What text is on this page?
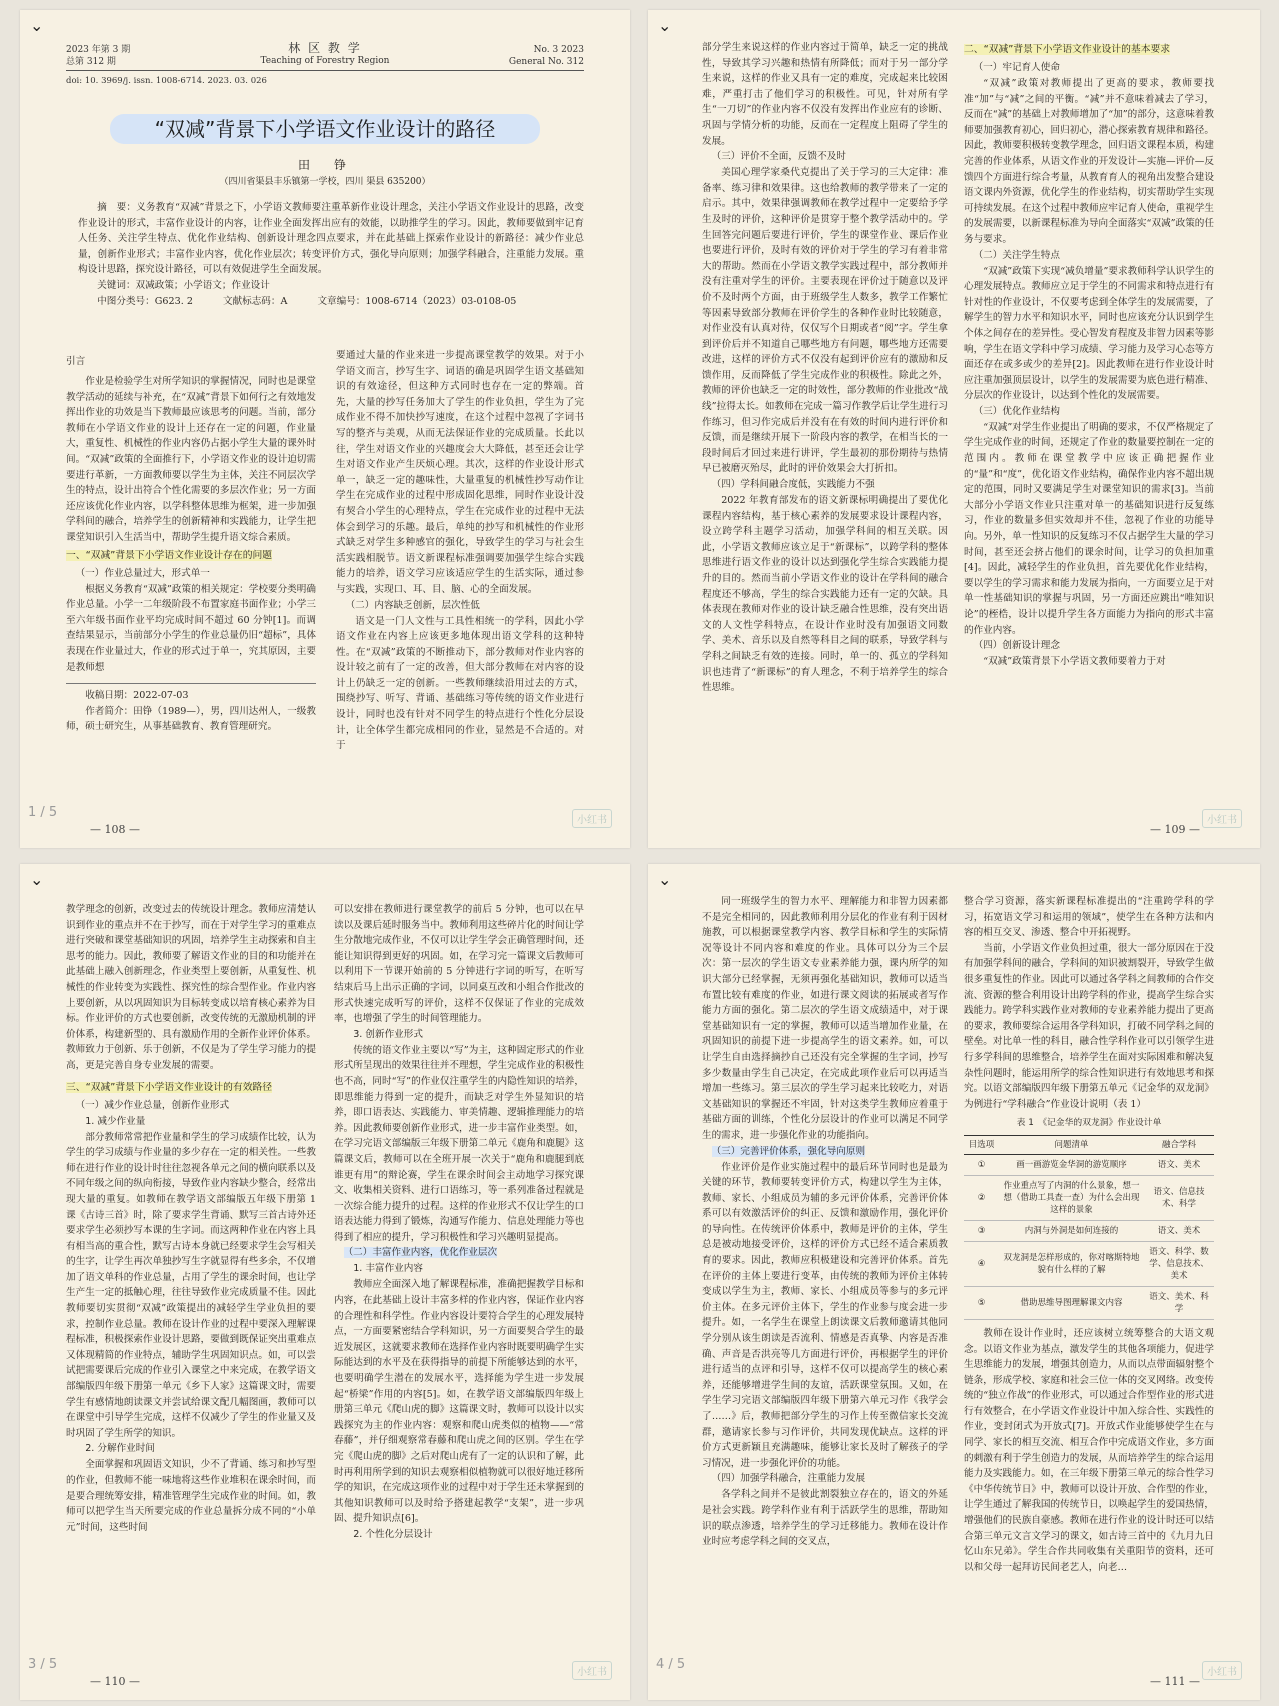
⌄
2023 年第 3 期
总第 312 期
林 区 教 学
Teaching of Forestry Region
No. 3 2023
General No. 312
doi: 10. 3969/j. issn. 1008-6714. 2023. 03. 026
“双减”背景下小学语文作业设计的路径
田　铮
（四川省渠县丰乐镇第一学校，四川 渠县 635200）

摘　要：义务教育“双减”背景之下，小学语文教师要注重革新作业设计理念，关注小学语文作业设计的思路，改变作业设计的形式，丰富作业设计的内容，让作业全面发挥出应有的效能，以助推学生的学习。因此，教师要做到牢记育人任务、关注学生特点、优化作业结构、创新设计理念四点要求，并在此基础上探索作业设计的新路径：减少作业总量，创新作业形式；丰富作业内容，优化作业层次；转变评价方式，强化导向原则；加强学科融合，注重能力发展。重构设计思路，探究设计路径，可以有效促进学生全面发展。

关键词：双减政策；小学语文；作业设计
中图分类号：G623. 2	文献标志码：A	文章编号：1008-6714（2023）03-0108-05
引言

作业是检验学生对所学知识的掌握情况，同时也是课堂教学活动的延续与补充，在“双减”背景下如何行之有效地发挥出作业的功效是当下教师最应该思考的问题。当前，部分教师在小学语文作业的设计上还存在一定的问题，作业量大，重复性、机械性的作业内容仍占据小学生大量的课外时间。“双减”政策的全面推行下，小学语文作业的设计迫切需要进行革新，一方面教师要以学生为主体，关注不同层次学生的特点，设计出符合个性化需要的多层次作业；另一方面还应该优化作业内容，以学科整体思维为框架，进一步加强学科间的融合，培养学生的创新精神和实践能力，让学生把课堂知识引入生活当中，帮助学生提升语文综合素质。

一、“双减”背景下小学语文作业设计存在的问题
（一）作业总量过大，形式单一

根据义务教育“双减”政策的相关规定：学校要分类明确作业总量。小学一二年级阶段不布置家庭书面作业；小学三至六年级书面作业平均完成时间不超过 60 分钟[1]。而调查结果显示，当前部分小学生的作业总量仍旧“超标”，具体表现在作业量过大，作业的形式过于单一，究其原因，主要是教师想

收稿日期：2022-07-03

作者简介：田铮（1989—），男，四川达州人，一级教师，硕士研究生，从事基础教育、教育管理研究。

要通过大量的作业来进一步提高课堂教学的效果。对于小学语文而言，抄写生字、词语的确是巩固学生语文基础知识的有效途径，但这种方式同时也存在一定的弊端。首先，大量的抄写任务加大了学生的作业负担，学生为了完成作业不得不加快抄写速度，在这个过程中忽视了字词书写的整齐与美观，从而无法保证作业的完成质量。长此以往，学生对语文作业的兴趣度会大大降低，甚至还会让学生对语文作业产生厌烦心理。其次，这样的作业设计形式单一，缺乏一定的趣味性，大量重复的机械性抄写动作让学生在完成作业的过程中形成固化思维，同时作业设计没有契合小学生的心理特点，学生在完成作业的过程中无法体会到学习的乐趣。最后，单纯的抄写和机械性的作业形式缺乏对学生多种感官的强化，导致学生的学习与社会生活实践相脱节。语文新课程标准强调要加强学生综合实践能力的培养，语文学习应该适应学生的生活实际，通过参与实践，实现口、耳、目、脑、心的全面发展。

（二）内容缺乏创新，层次性低

语文是一门人文性与工具性相统一的学科，因此小学语文作业在内容上应该更多地体现出语文学科的这种特性。在“双减”政策的不断推动下，部分教师对作业内容的设计较之前有了一定的改善，但大部分教师在对内容的设计上仍缺乏一定的创新。一些教师继续沿用过去的方式，围绕抄写、听写、背诵、基础练习等传统的语文作业进行设计，同时也没有针对不同学生的特点进行个性化分层设计，让全体学生都完成相同的作业，显然是不合适的。对于

1 / 5
— 108 —
小红书
⌄

部分学生来说这样的作业内容过于简单，缺乏一定的挑战性，导致其学习兴趣和热情有所降低；而对于另一部分学生来说，这样的作业又具有一定的难度，完成起来比较困难，严重打击了他们学习的积极性。可见，针对所有学生“一刀切”的作业内容不仅没有发挥出作业应有的诊断、巩固与学情分析的功能，反而在一定程度上阻碍了学生的发展。

（三）评价不全面，反馈不及时

美国心理学家桑代克提出了关于学习的三大定律：准备率、练习律和效果律。这也给教师的教学带来了一定的启示。其中，效果律强调教师在教学过程中一定要给予学生及时的评价，这种评价是贯穿于整个教学活动中的。学生回答完问题后要进行评价，学生的课堂作业、课后作业也要进行评价，及时有效的评价对于学生的学习有着非常大的帮助。然而在小学语文教学实践过程中，部分教师并没有注重对学生的评价。主要表现在评价过于随意以及评价不及时两个方面，由于班级学生人数多，教学工作繁忙等因素导致部分教师在评价学生的各种作业时比较随意，对作业没有认真对待，仅仅写个日期或者“阅”字。学生拿到评价后并不知道自己哪些地方有问题，哪些地方还需要改进，这样的评价方式不仅没有起到评价应有的激励和反馈作用，反而降低了学生完成作业的积极性。除此之外，教师的评价也缺乏一定的时效性，部分教师的作业批改“战线”拉得太长。如教师在完成一篇习作教学后让学生进行习作练习，但习作完成后并没有在有效的时间内进行评价和反馈，而是继续开展下一阶段内容的教学，在相当长的一段时间后才回过来进行讲评，学生最初的那份期待与热情早已被磨灭殆尽，此时的评价效果会大打折扣。

（四）学科间融合度低，实践能力不强

2022 年教育部发布的语文新课标明确提出了要优化课程内容结构，基于核心素养的发展要求设计课程内容，设立跨学科主题学习活动，加强学科间的相互关联。因此，小学语文教师应该立足于“新课标”，以跨学科的整体思维进行语文作业的设计以达到强化学生综合实践能力提升的目的。然而当前小学语文作业的设计在学科间的融合程度还不够高，学生的综合实践能力还有一定的欠缺。具体表现在教师对作业的设计缺乏融合性思维，没有突出语文的人文性学科特点，在设计作业时没有加强语文同数学、美术、音乐以及自然等科目之间的联系，导致学科与学科之间缺乏有效的连接。同时，单一的、孤立的学科知识也违背了“新课标”的育人理念，不利于培养学生的综合性思维。

二、“双减”背景下小学语文作业设计的基本要求
（一）牢记育人使命

“双减”政策对教师提出了更高的要求，教师要找准“加”与“减”之间的平衡。“减”并不意味着减去了学习，反而在“减”的基础上对教师增加了“加”的部分，这意味着教师要加强教育初心，回归初心，潜心探索教育规律和路径。因此，教师要积极转变教学理念，回归语文课程本质，构建完善的作业体系，从语文作业的开发设计—实施—评价—反馈四个方面进行综合考量，从教育育人的视角出发整合建设语文课内外资源，优化学生的作业结构，切实帮助学生实现可持续发展。在这个过程中教师应牢记育人使命，重视学生的发展需要，以新课程标准为导向全面落实“双减”政策的任务与要求。

（二）关注学生特点

“双减”政策下实现“减负增量”要求教师科学认识学生的心理发展特点。教师应立足于学生的不同需求和特点进行有针对性的作业设计，不仅要考虑到全体学生的发展需要，了解学生的智力水平和知识水平，同时也应该充分认识到学生个体之间存在的差异性。受心智发育程度及非智力因素等影响，学生在语文学科中学习成绩、学习能力及学习心态等方面还存在或多或少的差异[2]。因此教师在进行作业设计时应注重加强顶层设计，以学生的发展需要为底色进行精准、分层次的作业设计，以达到个性化的发展需要。

（三）优化作业结构

“双减”对学生作业提出了明确的要求，不仅严格规定了学生完成作业的时间，还规定了作业的数量要控制在一定的范围内。教师在课堂教学中应该正确把握作业的“量”和“度”，优化语文作业结构，确保作业内容不超出规定的范围，同时又要满足学生对课堂知识的需求[3]。当前大部分小学语文作业只注重对单一的基础知识进行反复练习，作业的数量多但实效却并不佳，忽视了作业的功能导向。另外，单一性知识的反复练习不仅占据学生大量的学习时间，甚至还会挤占他们的课余时间，让学习的负担加重[4]。因此，减轻学生的作业负担，首先要优化作业结构，要以学生的学习需求和能力发展为指向，一方面要立足于对单一性基础知识的掌握与巩固，另一方面还应跳出“唯知识论”的桎梏，设计以提升学生各方面能力为指向的形式丰富的作业内容。

（四）创新设计理念

“双减”政策背景下小学语文教师要着力于对

— 109 —
小红书
⌄

教学理念的创新，改变过去的传统设计理念。教师应清楚认识到作业的重点并不在于抄写，而在于对学生学习的重难点进行突破和课堂基础知识的巩固，培养学生主动探索和自主思考的能力。因此，教师要了解语文作业的目的和功能并在此基础上融入创新理念，作业类型上要创新，从重复性、机械性的作业转变为实践性、探究性的综合型作业。作业内容上要创新，从以巩固知识为目标转变成以培育核心素养为目标。作业评价的方式也要创新，改变传统的无激励机制的评价体系，构建新型的、具有激励作用的全新作业评价体系。教师致力于创新、乐于创新，不仅是为了学生学习能力的提高，更是完善自身专业发展的需要。

三、“双减”背景下小学语文作业设计的有效路径
（一）减少作业总量，创新作业形式
1. 减少作业量

部分教师常常把作业量和学生的学习成绩作比较，认为学生的学习成绩与作业量的多少存在一定的相关性。一些教师在进行作业的设计时往往忽视各单元之间的横向联系以及不同年级之间的纵向衔接，导致作业内容缺少整合，经常出现大量的重复。如教师在教学语文部编版五年级下册第 1 课《古诗三首》时，除了要求学生背诵、默写三首古诗外还要求学生必须抄写本课的生字词。而这两种作业在内容上具有相当高的重合性，默写古诗本身就已经要求学生会写相关的生字，让学生再次单独抄写生字就显得有些多余，不仅增加了语文单科的作业总量，占用了学生的课余时间，也让学生产生一定的抵触心理，往往导致作业完成质量不佳。因此教师要切实贯彻“双减”政策提出的减轻学生学业负担的要求，控制作业总量。教师在设计作业的过程中要深入理解课程标准，积极探索作业设计思路，要做到既保证突出重难点又体现精简的作业特点，辅助学生巩固知识点。如，可以尝试把需要课后完成的作业引入课堂之中来完成，在教学语文部编版四年级下册第一单元《乡下人家》这篇课文时，需要学生有感情地朗读课文并尝试给课文配几幅图画，教师可以在课堂中引导学生完成，这样不仅减少了学生的作业量又及时巩固了学生所学的知识。

2. 分解作业时间

全面掌握和巩固语文知识，少不了背诵、练习和抄写型的作业，但教师不能一味地将这些作业堆积在课余时间，而是要合理统筹安排，精准管理学生完成作业的时间。如，教师可以把学生当天所要完成的作业总量拆分成不同的“小单元”时间，这些时间

可以安排在教师进行课堂教学的前后 5 分钟，也可以在早读以及课后延时服务当中。教师利用这些碎片化的时间让学生分散地完成作业，不仅可以让学生学会正确管理时间，还能让知识得到更好的巩固。如，在学习完一篇课文后教师可以利用下一节课开始前的 5 分钟进行字词的听写，在听写结束后马上出示正确的字词，以同桌互改和小组合作批改的形式快速完成听写的评价，这样不仅保证了作业的完成效率，也增强了学生的时间管理能力。

3. 创新作业形式

传统的语文作业主要以“写”为主，这种固定形式的作业形式所呈现出的效果往往并不理想，学生完成作业的积极性也不高，同时“写”的作业仅注重学生的内隐性知识的培养，即思维能力得到一定的提升，而缺乏对学生外显知识的培养，即口语表达、实践能力、审美情趣、逻辑推理能力的培养。因此教师要创新作业形式，进一步丰富作业类型。如，在学习完语文部编版三年级下册第二单元《鹿角和鹿腿》这篇课文后，教师可以在全班开展一次关于“鹿角和鹿腿到底谁更有用”的辩论赛，学生在课余时间会主动地学习探究课文、收集相关资料、进行口语练习，等一系列准备过程就是一次综合能力提升的过程。这样的作业形式不仅让学生的口语表达能力得到了锻炼，沟通写作能力、信息处理能力等也得到了相应的提升，学习积极性和学习兴趣明显提高。

（二）丰富作业内容，优化作业层次
1. 丰富作业内容

教师应全面深入地了解课程标准，准确把握教学目标和内容，在此基础上设计丰富多样的作业内容，保证作业内容的合理性和科学性。作业内容设计要符合学生的心理发展特点，一方面要紧密结合学科知识，另一方面要契合学生的最近发展区，这就要求教师在选择作业内容时既要明确学生实际能达到的水平及在获得指导的前提下所能够达到的水平，也要明确学生潜在的发展水平，选择能为学生进一步发展起“桥梁”作用的内容[5]。如，在教学语文部编版四年级上册第三单元《爬山虎的脚》这篇课文时，教师可以设计以实践探究为主的作业内容：观察和爬山虎类似的植物——“常春藤”，并仔细观察常春藤和爬山虎之间的区别。学生在学完《爬山虎的脚》之后对爬山虎有了一定的认识和了解，此时再利用所学到的知识去观察相似植物就可以很好地迁移所学的知识，在完成这项作业的过程中对于学生还未掌握到的其他知识教师可以及时给予搭建起教学“支架”，进一步巩固、提升知识点[6]。

2. 个性化分层设计
3 / 5
— 110 —
小红书
⌄

同一班级学生的智力水平、理解能力和非智力因素都不是完全相同的，因此教师利用分层化的作业有利于因材施教，可以根据课堂教学内容、教学目标和学生的实际情况等设计不同内容和难度的作业。具体可以分为三个层次：第一层次的学生语文专业素养能力强，课内所学的知识大部分已经掌握，无须再强化基础知识，教师可以适当布置比较有难度的作业，如进行课文阅读的拓展或者写作能力方面的强化。第二层次的学生语文成绩适中，对于课堂基础知识有一定的掌握，教师可以适当增加作业量，在巩固知识的前提下进一步提高学生的语文素养。如，可以让学生自由选择摘抄自己还没有完全掌握的生字词，抄写多少数量由学生自己决定，在完成此项作业后可以再适当增加一些练习。第三层次的学生学习起来比较吃力，对语文基础知识的掌握还不牢固，针对这类学生教师应着重于基础方面的训练，个性化分层设计的作业可以满足不同学生的需求，进一步强化作业的功能指向。

（三）完善评价体系，强化导向原则

作业评价是作业实施过程中的最后环节同时也是最为关键的环节，教师要转变评价方式，构建以学生为主体，教师、家长、小组成员为辅的多元评价体系，完善评价体系可以有效激活评价的纠正、反馈和激励作用，强化评价的导向性。在传统评价体系中，教师是评价的主体，学生总是被动地接受评价，这样的评价方式已经不适合素质教育的要求。因此，教师应积极建设和完善评价体系。首先在评价的主体上要进行变革，由传统的教师为评价主体转变成以学生为主，教师、家长、小组成员等参与的多元评价主体。在多元评价主体下，学生的作业参与度会进一步提升。如，一名学生在课堂上朗读课文后教师邀请其他同学分别从该生朗读是否流利、情感是否真挚、内容是否准确、声音是否洪亮等几方面进行评价，再根据学生的评价进行适当的点评和引导，这样不仅可以提高学生的核心素养，还能够增进学生间的友谊，活跃课堂氛围。又如，在学生学习完语文部编版四年级下册第六单元习作《我学会了……》后，教师把部分学生的习作上传至微信家长交流群，邀请家长参与习作评价，共同发现优缺点。这样的评价方式更新颖且充满趣味，能够让家长及时了解孩子的学习情况，进一步强化评价的功能。

（四）加强学科融合，注重能力发展

各学科之间并不是彼此割裂独立存在的，语文的外延是社会实践。跨学科作业有利于活跃学生的思维，帮助知识的联点渗透，培养学生的学习迁移能力。教师在设计作业时应考虑学科之间的交叉点，

整合学习资源，落实新课程标准提出的“注重跨学科的学习，拓宽语文学习和运用的领域”，使学生在各种方法和内容的相互交叉、渗透、整合中开拓视野。

当前，小学语文作业负担过重，很大一部分原因在于没有加强学科间的融合，学科间的知识被割裂开，导致学生做很多重复性的作业。因此可以通过各学科之间教师的合作交流、资源的整合利用设计出跨学科的作业，提高学生综合实践能力。跨学科实践作业对教师的专业素养能力提出了更高的要求，教师要综合运用各学科知识，打破不同学科之间的壁垒。对比单一性的科目，融合性学科作业可以引领学生进行多学科间的思维整合，培养学生在面对实际困难和解决复杂性问题时，能运用所学的综合性知识进行有效地思考和探究。以语文部编版四年级下册第五单元《记金华的双龙洞》为例进行“学科融合”作业设计说明（表 1）

表 1　《记金华的双龙洞》作业设计单
目选项	问题清单	融合学科
①	画一画游览金华洞的游览顺序	语文、美术
②	作业重点写了内洞的什么景象，想一想（借助工具查一查）为什么会出现这样的景象	语文、信息技术、科学
③	内洞与外洞是如何连接的	语文、美术
④	双龙洞是怎样形成的，你对喀斯特地貌有什么样的了解	语文、科学、数学、信息技术、美术
⑤	借助思维导图理解课文内容	语文、美术、科学

教师在设计作业时，还应该树立统筹整合的大语文观念。以语文作业为基点，激发学生的其他各项能力，促进学生思维能力的发展，增强其创造力，从而以点带面辐射整个链条，形成学校、家庭和社会三位一体的交叉网络。改变传统的“独立作战”的作业形式，可以通过合作型作业的形式进行有效整合，在小学语文作业设计中加入综合性、实践性的作业，变封闭式为开放式[7]。开放式作业能够使学生在与同学、家长的相互交流、相互合作中完成语文作业，多方面的刺激有利于学生创造力的发展，从而培养学生的综合运用能力及实践能力。如，在三年级下册第三单元的综合性学习《中华传统节日》中，教师可以设计开放、合作型的作业，让学生通过了解我国的传统节日，以唤起学生的爱国热情，增强他们的民族自豪感。教师在进行作业的设计时还可以结合第三单元文言文学习的课文，如古诗三首中的《九月九日忆山东兄弟》。学生合作共同收集有关重阳节的资料，还可以和父母一起拜访民间老艺人，向老…

4 / 5
— 111 —
小红书
